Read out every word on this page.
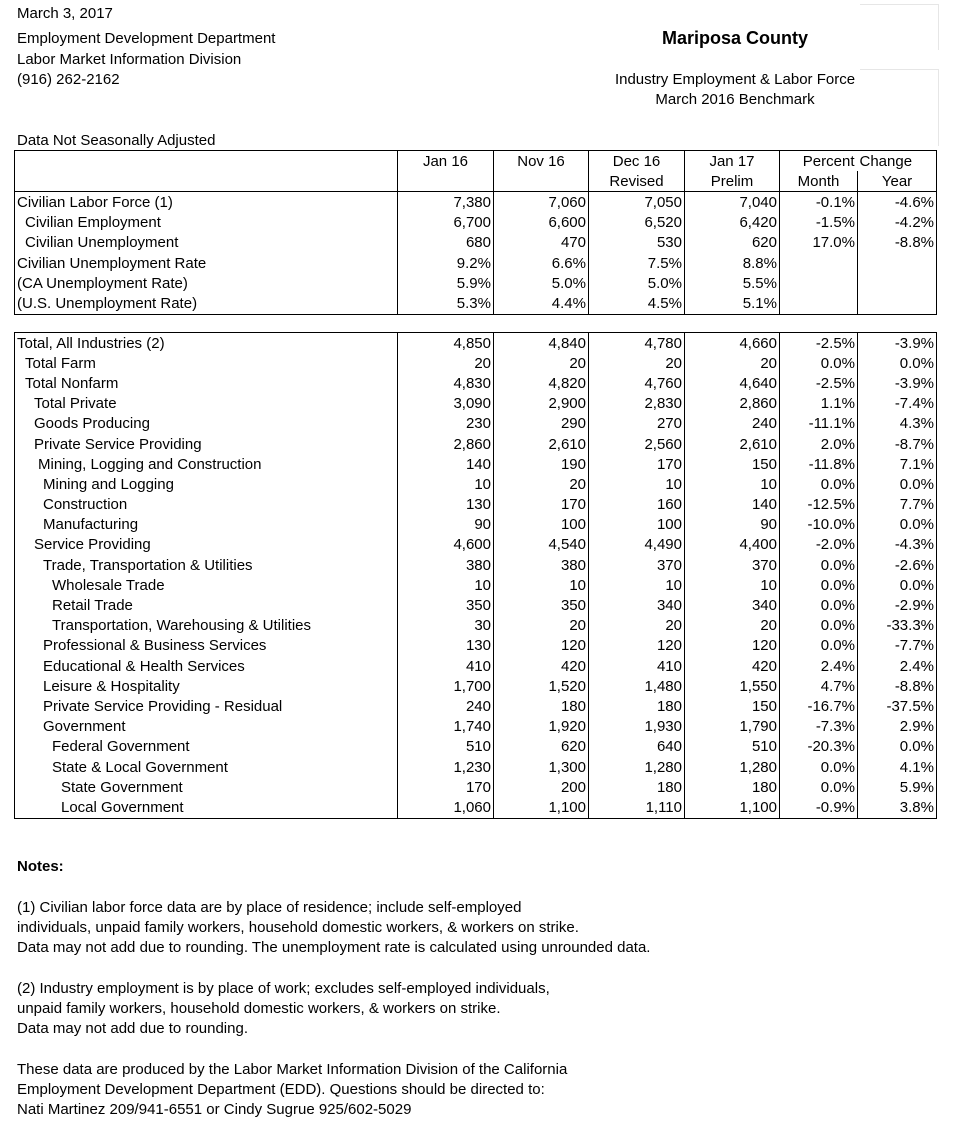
March 3, 2017
Employment Development Department
Labor Market Information Division
(916) 262-2162
Mariposa County
Industry Employment & Labor Force
March 2016 Benchmark
Data Not Seasonally Adjusted
	Jan 16	Nov 16	Dec 16	Jan 17	Percent	Change
			Revised	Prelim	Month	Year
Civilian Labor Force (1)	7,380	7,060	7,050	7,040	-0.1%	-4.6%
Civilian Employment	6,700	6,600	6,520	6,420	-1.5%	-4.2%
Civilian Unemployment	680	470	530	620	17.0%	-8.8%
Civilian Unemployment Rate	9.2%	6.6%	7.5%	8.8%		
(CA Unemployment Rate)	5.9%	5.0%	5.0%	5.5%		
(U.S. Unemployment Rate)	5.3%	4.4%	4.5%	5.1%		
Total, All Industries (2)	4,850	4,840	4,780	4,660	-2.5%	-3.9%
Total Farm	20	20	20	20	0.0%	0.0%
Total Nonfarm	4,830	4,820	4,760	4,640	-2.5%	-3.9%
Total Private	3,090	2,900	2,830	2,860	1.1%	-7.4%
Goods Producing	230	290	270	240	-11.1%	4.3%
Private Service Providing	2,860	2,610	2,560	2,610	2.0%	-8.7%
Mining, Logging and Construction	140	190	170	150	-11.8%	7.1%
Mining and Logging	10	20	10	10	0.0%	0.0%
Construction	130	170	160	140	-12.5%	7.7%
Manufacturing	90	100	100	90	-10.0%	0.0%
Service Providing	4,600	4,540	4,490	4,400	-2.0%	-4.3%
Trade, Transportation & Utilities	380	380	370	370	0.0%	-2.6%
Wholesale Trade	10	10	10	10	0.0%	0.0%
Retail Trade	350	350	340	340	0.0%	-2.9%
Transportation, Warehousing & Utilities	30	20	20	20	0.0%	-33.3%
Professional & Business Services	130	120	120	120	0.0%	-7.7%
Educational & Health Services	410	420	410	420	2.4%	2.4%
Leisure & Hospitality	1,700	1,520	1,480	1,550	4.7%	-8.8%
Private Service Providing - Residual	240	180	180	150	-16.7%	-37.5%
Government	1,740	1,920	1,930	1,790	-7.3%	2.9%
Federal Government	510	620	640	510	-20.3%	0.0%
State & Local Government	1,230	1,300	1,280	1,280	0.0%	4.1%
State Government	170	200	180	180	0.0%	5.9%
Local Government	1,060	1,100	1,110	1,100	-0.9%	3.8%
Notes:
(1) Civilian labor force data are by place of residence; include self-employed
individuals, unpaid family workers, household domestic workers, & workers on strike.
Data may not add due to rounding. The unemployment rate is calculated using unrounded data.
(2) Industry employment is by place of work; excludes self-employed individuals,
unpaid family workers, household domestic workers, & workers on strike.
Data may not add due to rounding.
These data are produced by the Labor Market Information Division of the California
Employment Development Department (EDD). Questions should be directed to:
Nati Martinez 209/941-6551 or Cindy Sugrue 925/602-5029
